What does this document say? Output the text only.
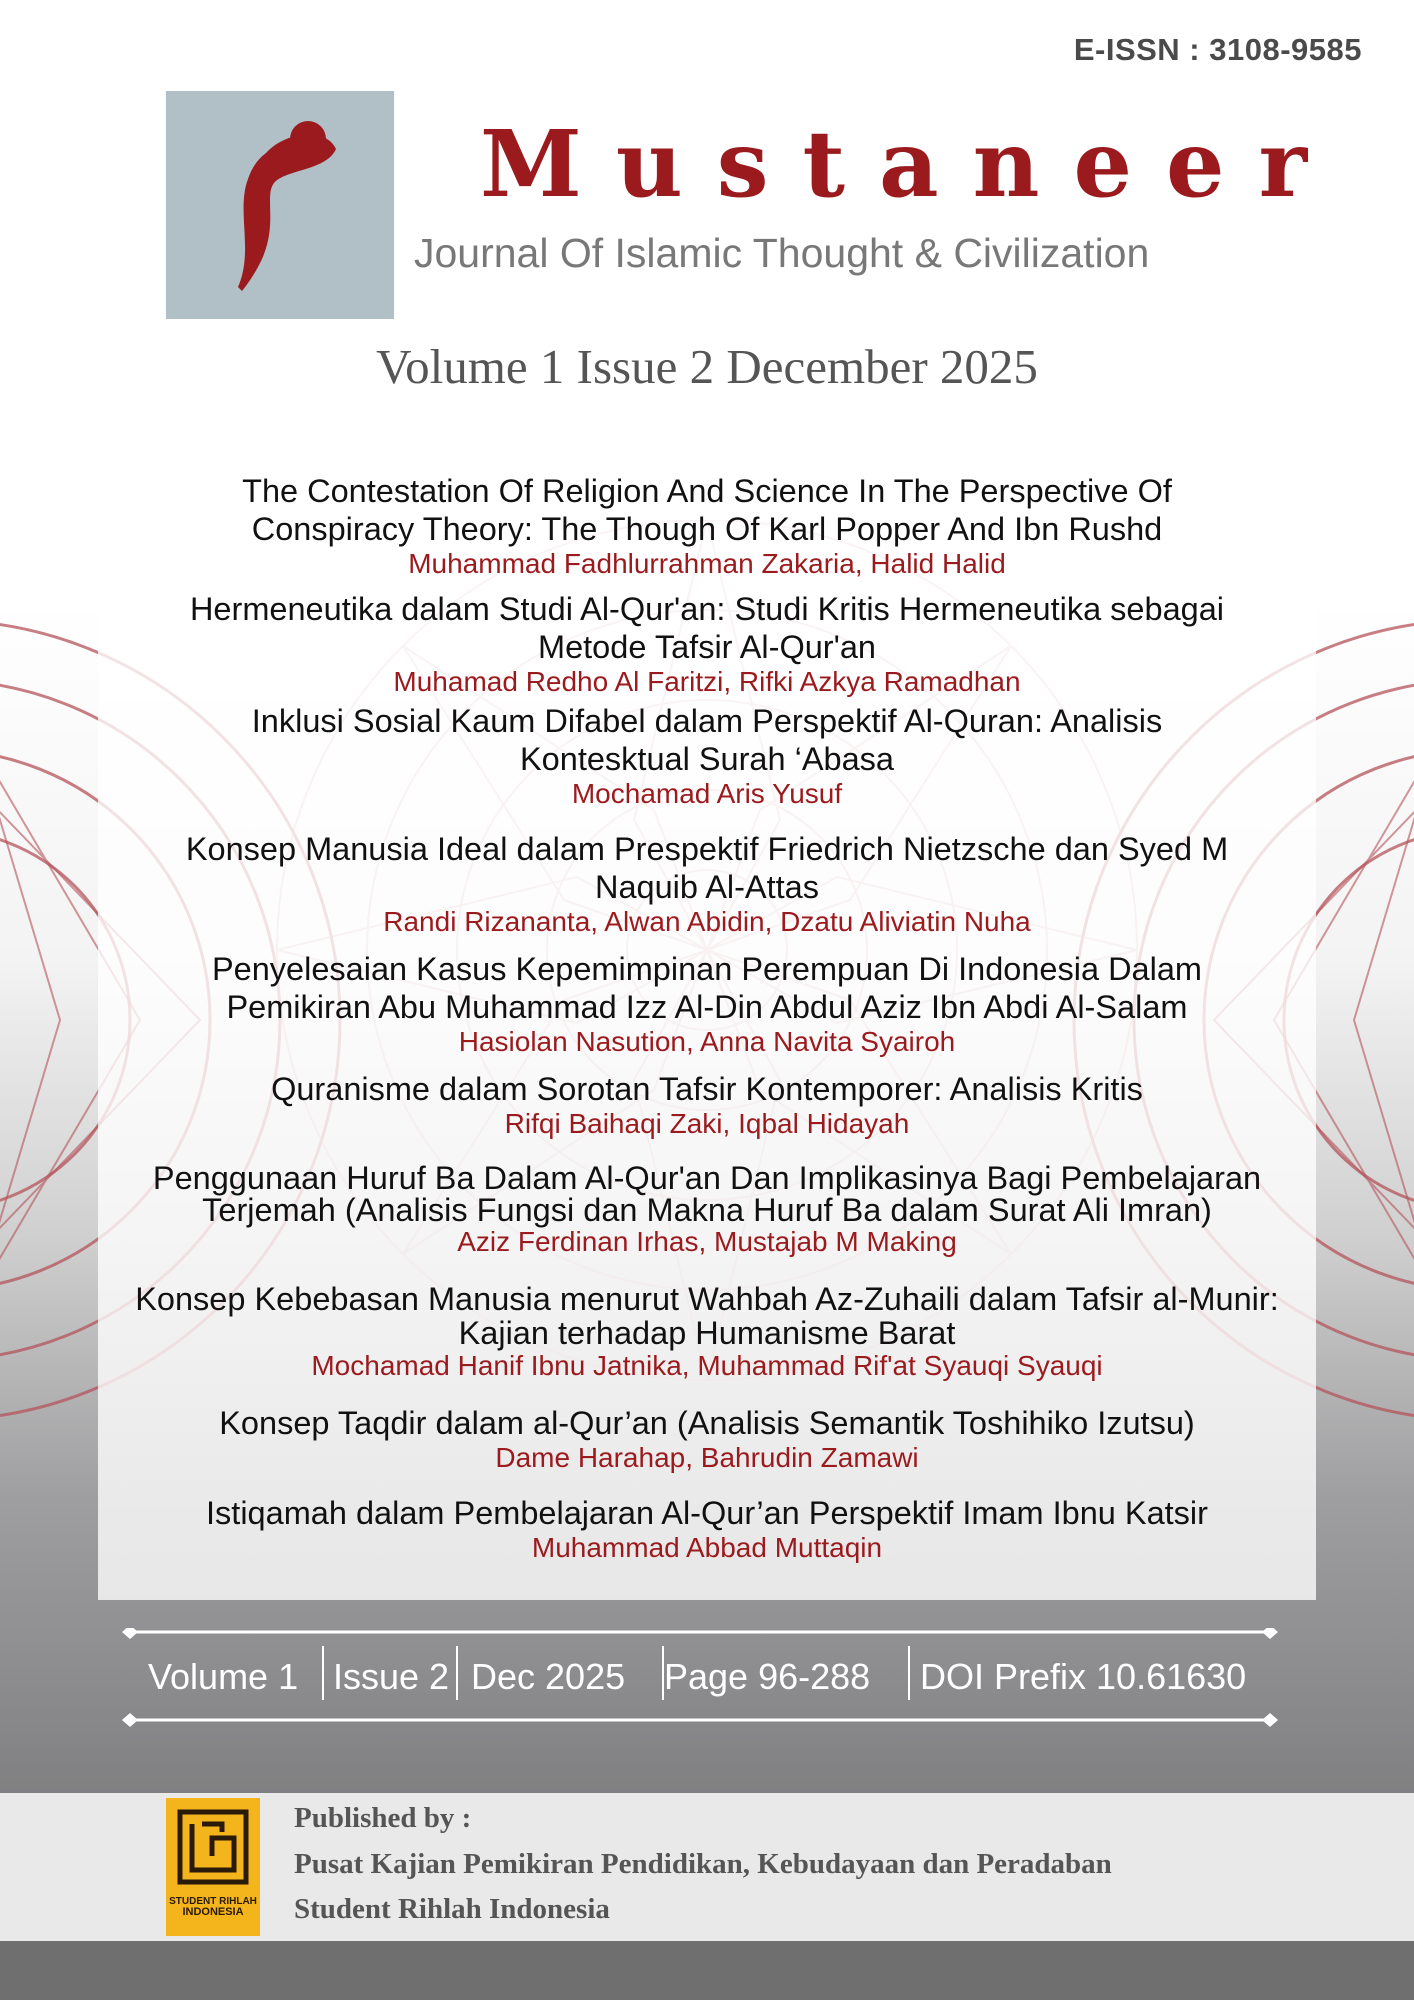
E-ISSN : 3108-9585
Mustaneer
Journal Of Islamic Thought & Civilization
Volume 1 Issue 2 December 2025
The Contestation Of Religion And Science In The Perspective Of Conspiracy Theory: The Though Of Karl Popper And Ibn Rushd
Muhammad Fadhlurrahman Zakaria, Halid Halid
Hermeneutika dalam Studi Al-Qur'an: Studi Kritis Hermeneutika sebagai Metode Tafsir Al-Qur'an
Muhamad Redho Al Faritzi, Rifki Azkya Ramadhan
Inklusi Sosial Kaum Difabel dalam Perspektif Al-Quran: Analisis Kontesktual Surah ‘Abasa
Mochamad Aris Yusuf
Konsep Manusia Ideal dalam Prespektif Friedrich Nietzsche dan Syed M Naquib Al-Attas
Randi Rizananta, Alwan Abidin, Dzatu Aliviatin Nuha
Penyelesaian Kasus Kepemimpinan Perempuan Di Indonesia Dalam Pemikiran Abu Muhammad Izz Al-Din Abdul Aziz Ibn Abdi Al-Salam
Hasiolan Nasution, Anna Navita Syairoh
Quranisme dalam Sorotan Tafsir Kontemporer: Analisis Kritis
Rifqi Baihaqi Zaki, Iqbal Hidayah
Penggunaan Huruf Ba Dalam Al-Qur'an Dan Implikasinya Bagi Pembelajaran Terjemah (Analisis Fungsi dan Makna Huruf Ba dalam Surat Ali Imran)
Aziz Ferdinan Irhas, Mustajab M Making
Konsep Kebebasan Manusia menurut Wahbah Az-Zuhaili dalam Tafsir al-Munir: Kajian terhadap Humanisme Barat
Mochamad Hanif Ibnu Jatnika, Muhammad Rif'at Syauqi Syauqi
Konsep Taqdir dalam al-Qur’an (Analisis Semantik Toshihiko Izutsu)
Dame Harahap, Bahrudin Zamawi
Istiqamah dalam Pembelajaran Al-Qur’an Perspektif Imam Ibnu Katsir
Muhammad Abbad Muttaqin
Volume 1 Issue 2 Dec 2025 Page 96-288 DOI Prefix 10.61630
STUDENT RIHLAH
INDONESIA
Published by :
Pusat Kajian Pemikiran Pendidikan, Kebudayaan dan Peradaban
Student Rihlah Indonesia
